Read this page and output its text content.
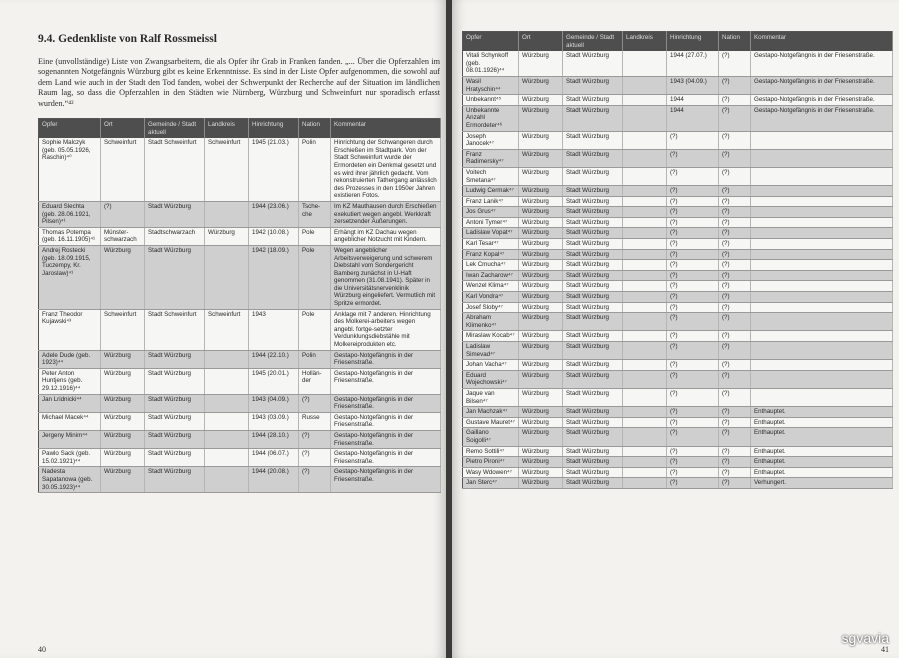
9.4. Gedenkliste von Ralf Rossmeissl
Eine (unvollständige) Liste von Zwangsarbeitern, die als Opfer ihr Grab in Franken fanden. „... Über die Opferzahlen im sogenannten Notgefängnis Würzburg gibt es keine Erkenntnisse. Es sind in der Liste Opfer aufgenommen, die sowohl auf dem Land wie auch in der Stadt den Tod fanden, wobei der Schwerpunkt der Recherche auf der Situation im ländlichen Raum lag, so dass die Opferzahlen in den Städten wie Nürnberg, Würzburg und Schweinfurt nur sporadisch erfasst wurden.“⁴²
Opfer	Ort	Gemeinde / Stadt aktuell	Landkreis	Hinrichtung	Nation	Kommentar
Sophie Malczyk (geb. 05.05.1926, Raschin)⁴⁰	Schweinfurt	Stadt Schweinfurt	Schweinfurt	1945 (21.03.)	Polin	Hinrichtung der Schwangeren durch Erschießen im Stadtpark. Von der Stadt Schweinfurt wurde der Ermordeten ein Denkmal gesetzt und es wird ihrer jährlich gedacht. Vom rekonstruierten Tathergang anlässlich des Prozesses in den 1950er Jahren existieren Fotos.
Eduard Slechta (geb. 28.06.1921, Pilsen)⁴¹	(?)	Stadt Würzburg		1944 (23.06.)	Tsche-che	Im KZ Mauthausen durch Erschießen exekutiert wegen angebl. Werkkraft zersetzender Äußerungen.
Thomas Potempa (geb. 16.11.1905)⁴¹	Münster-schwarzach	Stadtschwarzach	Würzburg	1942 (10.08.)	Pole	Erhängt im KZ Dachau wegen angeblicher Notzucht mit Kindern.
Andrej Rostecki (geb. 18.09.1915, Tuczempy, Kr. Jaroslaw)⁴¹	Würzburg	Stadt Würzburg		1942 (18.09.)	Pole	Wegen angeblicher Arbeitsverweigerung und schwerem Diebstahl vom Sondergericht Bamberg zunächst in U-Haft genommen (31.08.1941). Später in die Universitätsnervenklinik Würzburg eingeliefert. Vermutlich mit Spritze ermordet.
Franz Theodor Kujawski⁴³	Schweinfurt	Stadt Schweinfurt	Schweinfurt	1943	Pole	Anklage mit 7 anderen. Hinrichtung des Molkerei-arbeiters wegen angebl. fortge-setzter Verdunklungsdiebstähle mit Molkereiprodukten etc.
Adele Dude (geb. 1923)⁴⁴	Würzburg	Stadt Würzburg		1944 (22.10.)	Polin	Gestapo-Notgefängnis in der Friesenstraße.
Peter Anton Huntjens (geb. 29.12.1916)⁴⁴	Würzburg	Stadt Würzburg		1945 (20.01.)	Hollän-der	Gestapo-Notgefängnis in der Friesenstraße.
Jan Lridnicki⁴⁴	Würzburg	Stadt Würzburg		1943 (04.09.)	(?)	Gestapo-Notgefängnis in der Friesenstraße.
Michael Macek⁴⁴	Würzburg	Stadt Würzburg		1943 (03.09.)	Russe	Gestapo-Notgefängnis in der Friesenstraße.
Jergeny Minim⁴⁴	Würzburg	Stadt Würzburg		1944 (28.10.)	(?)	Gestapo-Notgefängnis in der Friesenstraße.
Pawlo Sack (geb. 15.02.1921)⁴⁴	Würzburg	Stadt Würzburg		1944 (06.07.)	(?)	Gestapo-Notgefängnis in der Friesenstraße.
Nadesta Sapatanowa (geb. 30.05.1923)⁴⁴	Würzburg	Stadt Würzburg		1944 (20.08.)	(?)	Gestapo-Notgefängnis in der Friesenstraße.
40
Opfer	Ort	Gemeinde / Stadt aktuell	Landkreis	Hinrichtung	Nation	Kommentar
Vitali Schynkoff (geb. 08.01.1926)⁴⁴	Würzburg	Stadt Würzburg		1944 (27.07.)	(?)	Gestapo-Notgefängnis in der Friesenstraße.
Wasil Hratyschin⁴⁴	Würzburg	Stadt Würzburg		1943 (04.09.)	(?)	Gestapo-Notgefängnis in der Friesenstraße.
Unbekannt⁴⁵	Würzburg	Stadt Würzburg		1944	(?)	Gestapo-Notgefängnis in der Friesenstraße.
Unbekannte Anzahl Ermordeter⁴⁶	Würzburg	Stadt Würzburg		1944	(?)	Gestapo-Notgefängnis in der Friesenstraße.
Joseph Janocek⁴⁷	Würzburg	Stadt Würzburg		(?)	(?)	
Franz Radimersky⁴⁷	Würzburg	Stadt Würzburg		(?)	(?)	
Voitech Smetana⁴⁷	Würzburg	Stadt Würzburg		(?)	(?)	
Ludwig Cermak⁴⁷	Würzburg	Stadt Würzburg		(?)	(?)	
Franz Lanik⁴⁷	Würzburg	Stadt Würzburg		(?)	(?)	
Jos Grus⁴⁷	Würzburg	Stadt Würzburg		(?)	(?)	
Antoni Tymer⁴⁷	Würzburg	Stadt Würzburg		(?)	(?)	
Ladislaw Vopat⁴⁷	Würzburg	Stadt Würzburg		(?)	(?)	
Karl Tesar⁴⁷	Würzburg	Stadt Würzburg		(?)	(?)	
Franz Kopal⁴⁷	Würzburg	Stadt Würzburg		(?)	(?)	
Lek Cmucha⁴⁷	Würzburg	Stadt Würzburg		(?)	(?)	
Iwan Zacharow⁴⁷	Würzburg	Stadt Würzburg		(?)	(?)	
Wenzel Klima⁴⁷	Würzburg	Stadt Würzburg		(?)	(?)	
Karl Vondra⁴⁷	Würzburg	Stadt Würzburg		(?)	(?)	
Josef Sloby⁴⁷	Würzburg	Stadt Würzburg		(?)	(?)	
Abraham Klimenko⁴⁷	Würzburg	Stadt Würzburg		(?)	(?)	
Miraslaw Kocab⁴⁷	Würzburg	Stadt Würzburg		(?)	(?)	
Ladislaw Simevad⁴⁷	Würzburg	Stadt Würzburg		(?)	(?)	
Johan Vacha⁴⁷	Würzburg	Stadt Würzburg		(?)	(?)	
Eduard Wojechowski⁴⁷	Würzburg	Stadt Würzburg		(?)	(?)	
Jaque van Bilsen⁴⁷	Würzburg	Stadt Würzburg		(?)	(?)	
Jan Machzak⁴⁷	Würzburg	Stadt Würzburg		(?)	(?)	Enthauptet.
Gustave Mauret⁴⁷	Würzburg	Stadt Würzburg		(?)	(?)	Enthauptet.
Gaillano Soigolli⁴⁷	Würzburg	Stadt Würzburg		(?)	(?)	Enthauptet.
Remo Sottili⁴⁷	Würzburg	Stadt Würzburg		(?)	(?)	Enthauptet.
Pietro Pironi⁴⁷	Würzburg	Stadt Würzburg		(?)	(?)	Enthauptet.
Wasy Wdowen⁴⁷	Würzburg	Stadt Würzburg		(?)	(?)	Enthauptet.
Jan Sterc⁴⁷	Würzburg	Stadt Würzburg		(?)	(?)	Verhungert.
41
sgvavia
